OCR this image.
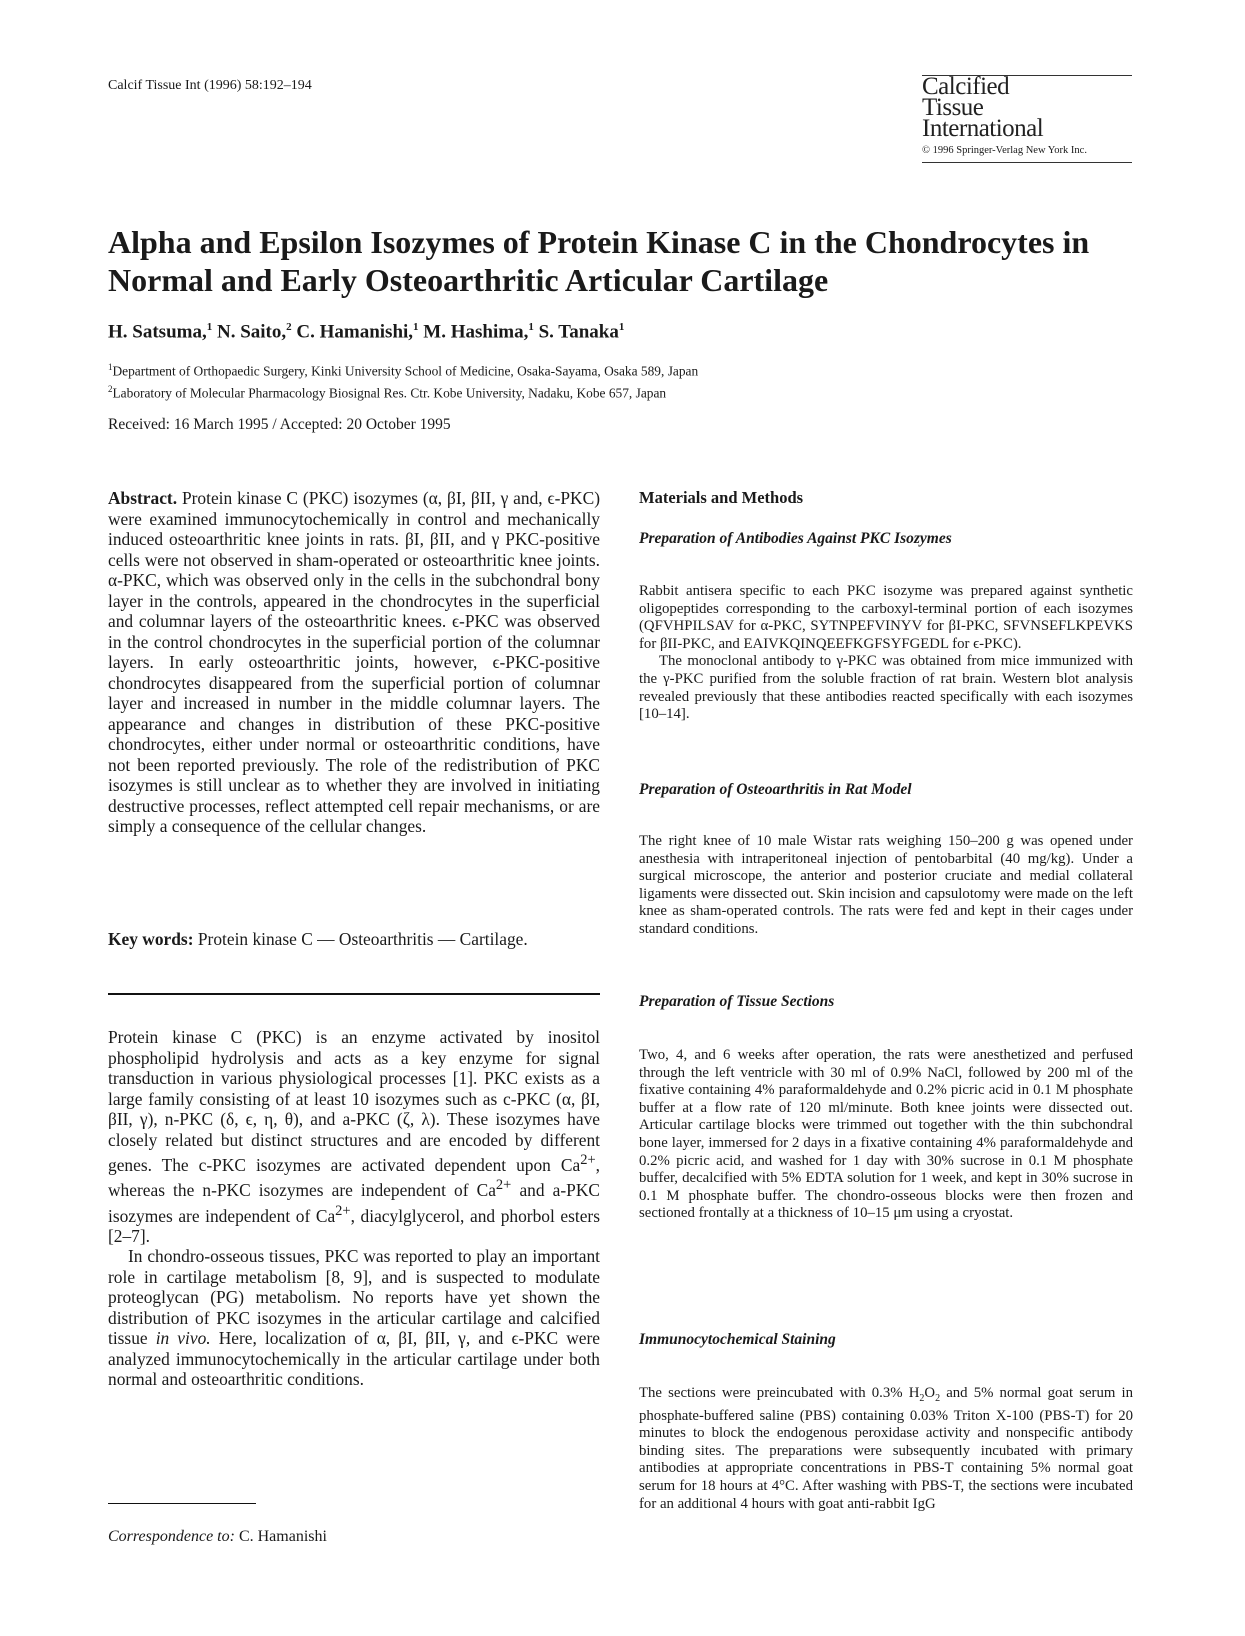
Calcif Tissue Int (1996) 58:192–194	Calcified
Tissue
International
© 1996 Springer-Verlag New York Inc.
Alpha and Epsilon Isozymes of Protein Kinase C in the Chondrocytes in Normal and Early Osteoarthritic Articular Cartilage
H. Satsuma,$^1$ N. Saito,$^2$ C. Hamanishi,$^1$ M. Hashima,$^1$ S. Tanaka$^1$
$^1$Department of Orthopaedic Surgery, Kinki University School of Medicine, Osaka-Sayama, Osaka 589, Japan
$^2$Laboratory of Molecular Pharmacology Biosignal Res. Ctr. Kobe University, Nadaku, Kobe 657, Japan
Received: 16 March 1995 / Accepted: 20 October 1995

Abstract. Protein kinase C (PKC) isozymes (α, βI, βII, γ and, ϵ-PKC) were examined immunocytochemically in control and mechanically induced osteoarthritic knee joints in rats. βI, βII, and γ PKC-positive cells were not observed in sham-operated or osteoarthritic knee joints. α-PKC, which was observed only in the cells in the subchondral bony layer in the controls, appeared in the chondrocytes in the superficial and columnar layers of the osteoarthritic knees. ϵ-PKC was observed in the control chondrocytes in the superficial portion of the columnar layers. In early osteoarthritic joints, however, ϵ-PKC-positive chondrocytes disappeared from the superficial portion of columnar layer and increased in number in the middle columnar layers. The appearance and changes in distribution of these PKC-positive chondrocytes, either under normal or osteoarthritic conditions, have not been reported previously. The role of the redistribution of PKC isozymes is still unclear as to whether they are involved in initiating destructive processes, reflect attempted cell repair mechanisms, or are simply a consequence of the cellular changes.

Key words: Protein kinase C — Osteoarthritis — Cartilage.

Protein kinase C (PKC) is an enzyme activated by inositol phospholipid hydrolysis and acts as a key enzyme for signal transduction in various physiological processes [1]. PKC exists as a large family consisting of at least 10 isozymes such as c-PKC (α, βI, βII, γ), n-PKC (δ, ϵ, η, θ), and a-PKC (ζ, λ). These isozymes have closely related but distinct structures and are encoded by different genes. The c-PKC isozymes are activated dependent upon $Ca^{2+}$, whereas the n-PKC isozymes are independent of $Ca^{2+}$ and a-PKC isozymes are independent of $Ca^{2+}$, diacylglycerol, and phorbol esters [2–7].

In chondro-osseous tissues, PKC was reported to play an important role in cartilage metabolism [8, 9], and is suspected to modulate proteoglycan (PG) metabolism. No reports have yet shown the distribution of PKC isozymes in the articular cartilage and calcified tissue in vivo. Here, localization of α, βI, βII, γ, and ϵ-PKC were analyzed immunocytochemically in the articular cartilage under both normal and osteoarthritic conditions.

Correspondence to: C. Hamanishi
Materials and Methods
Preparation of Antibodies Against PKC Isozymes

Rabbit antisera specific to each PKC isozyme was prepared against synthetic oligopeptides corresponding to the carboxyl-terminal portion of each isozymes (QFVHPILSAV for α-PKC, SYTNPEFVINYV for βI-PKC, SFVNSEFLKPEVKS for βII-PKC, and EAIVKQINQEEFKGFSYFGEDL for ϵ-PKC).

The monoclonal antibody to γ-PKC was obtained from mice immunized with the γ-PKC purified from the soluble fraction of rat brain. Western blot analysis revealed previously that these antibodies reacted specifically with each isozymes [10–14].

Preparation of Osteoarthritis in Rat Model

The right knee of 10 male Wistar rats weighing 150–200 g was opened under anesthesia with intraperitoneal injection of pentobarbital (40 mg/kg). Under a surgical microscope, the anterior and posterior cruciate and medial collateral ligaments were dissected out. Skin incision and capsulotomy were made on the left knee as sham-operated controls. The rats were fed and kept in their cages under standard conditions.

Preparation of Tissue Sections

Two, 4, and 6 weeks after operation, the rats were anesthetized and perfused through the left ventricle with 30 ml of 0.9% NaCl, followed by 200 ml of the fixative containing 4% paraformaldehyde and 0.2% picric acid in 0.1 M phosphate buffer at a flow rate of 120 ml/minute. Both knee joints were dissected out. Articular cartilage blocks were trimmed out together with the thin subchondral bone layer, immersed for 2 days in a fixative containing 4% paraformaldehyde and 0.2% picric acid, and washed for 1 day with 30% sucrose in 0.1 M phosphate buffer, decalcified with 5% EDTA solution for 1 week, and kept in 30% sucrose in 0.1 M phosphate buffer. The chondro-osseous blocks were then frozen and sectioned frontally at a thickness of 10–15 μm using a cryostat.

Immunocytochemical Staining

The sections were preincubated with 0.3% $H_2O_2$ and 5% normal goat serum in phosphate-buffered saline (PBS) containing 0.03% Triton X-100 (PBS-T) for 20 minutes to block the endogenous peroxidase activity and nonspecific antibody binding sites. The preparations were subsequently incubated with primary antibodies at appropriate concentrations in PBS-T containing 5% normal goat serum for 18 hours at 4°C. After washing with PBS-T, the sections were incubated for an additional 4 hours with goat anti-rabbit IgG
